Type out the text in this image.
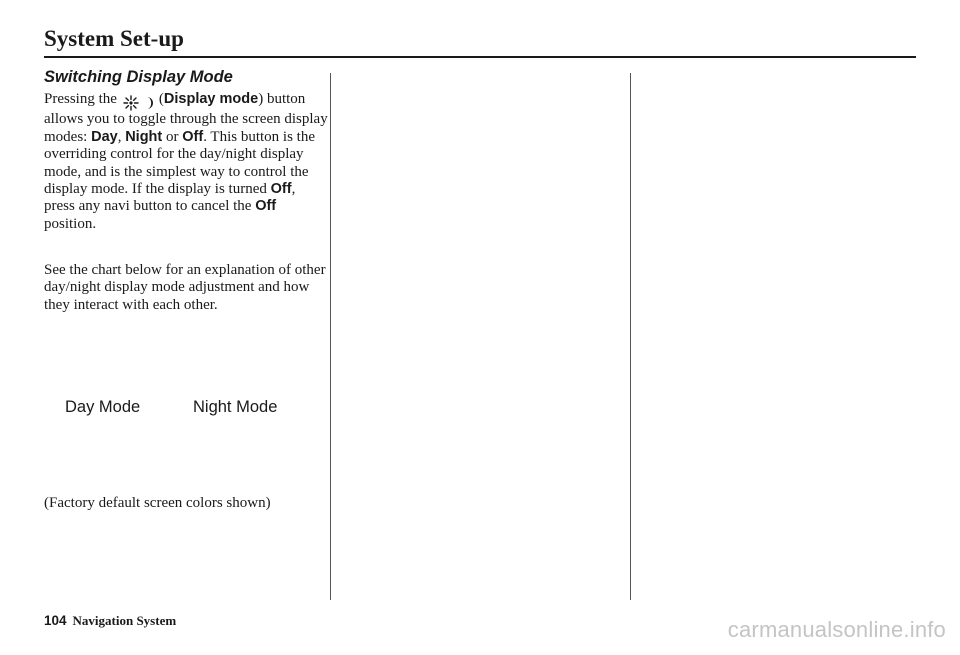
System Set-up
Switching Display Mode

Pressing the	(Display mode) button allows you to toggle through the screen display modes: Day, Night or Off. This button is the overriding control for the day/night display mode, and is the simplest way to control the display mode. If the display is turned Off, press any navi button to cancel the Off position.

See the chart below for an explanation of other day/night display mode adjustment and how they interact with each other.

Day Mode	Night Mode
(Factory default screen colors shown)
104 Navigation System	carmanualsonline.info
